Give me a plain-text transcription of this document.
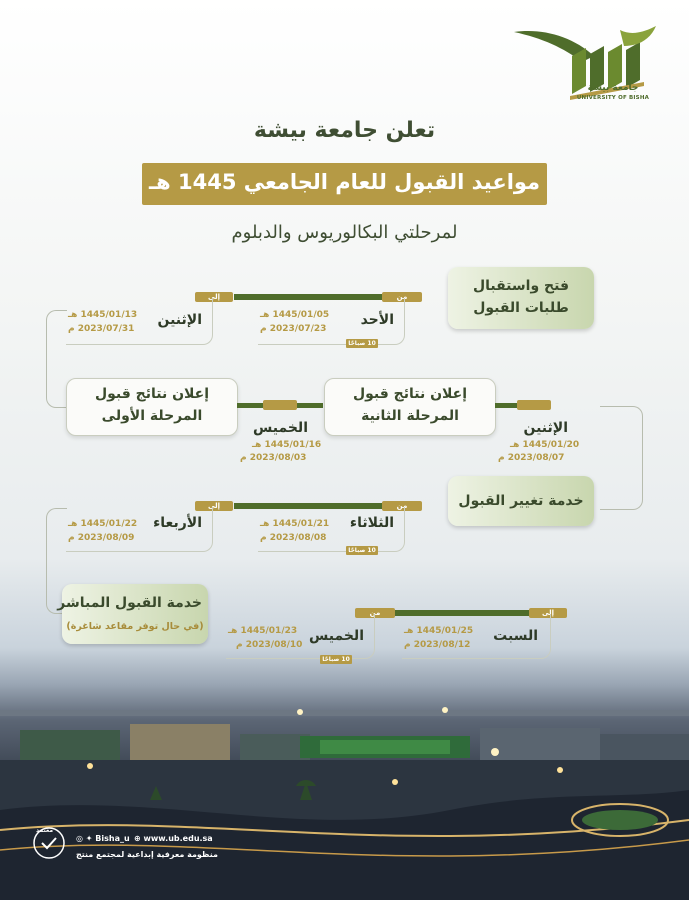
جامعة بيشة
UNIVERSITY OF BISHA
تعلن جامعة بيشة
مواعيد القبول للعام الجامعي 1445 هـ
لمرحلتي البكالوريوس والدبلوم
فتح واستقبال طلبات القبول
إلى	من
الأحد
1445/01/05 هـ
2023/07/23 م
10 صباحًا
الإثنين
1445/01/13 هـ
2023/07/31 م
إعلان نتائج قبول المرحلة الأولى
الخميس
1445/01/16 هـ
2023/08/03 م
إعلان نتائج قبول المرحلة الثانية
الإثنين
1445/01/20 هـ
2023/08/07 م
خدمة تغيير القبول
إلى	من
الثلاثاء
1445/01/21 هـ
2023/08/08 م
10 صباحًا
الأربعاء
1445/01/22 هـ
2023/08/09 م
خدمة القبول المباشر
(في حال توفر مقاعد شاغرة)
من	إلى
الخميس
1445/01/23 هـ
2023/08/10 م
10 صباحًا
السبت
1445/01/25 هـ
2023/08/12 م
معتمد
⊕ www.ub.edu.sa
◎ ✦ Bisha_u
منظومة معرفية إبداعية لمجتمع منتج
